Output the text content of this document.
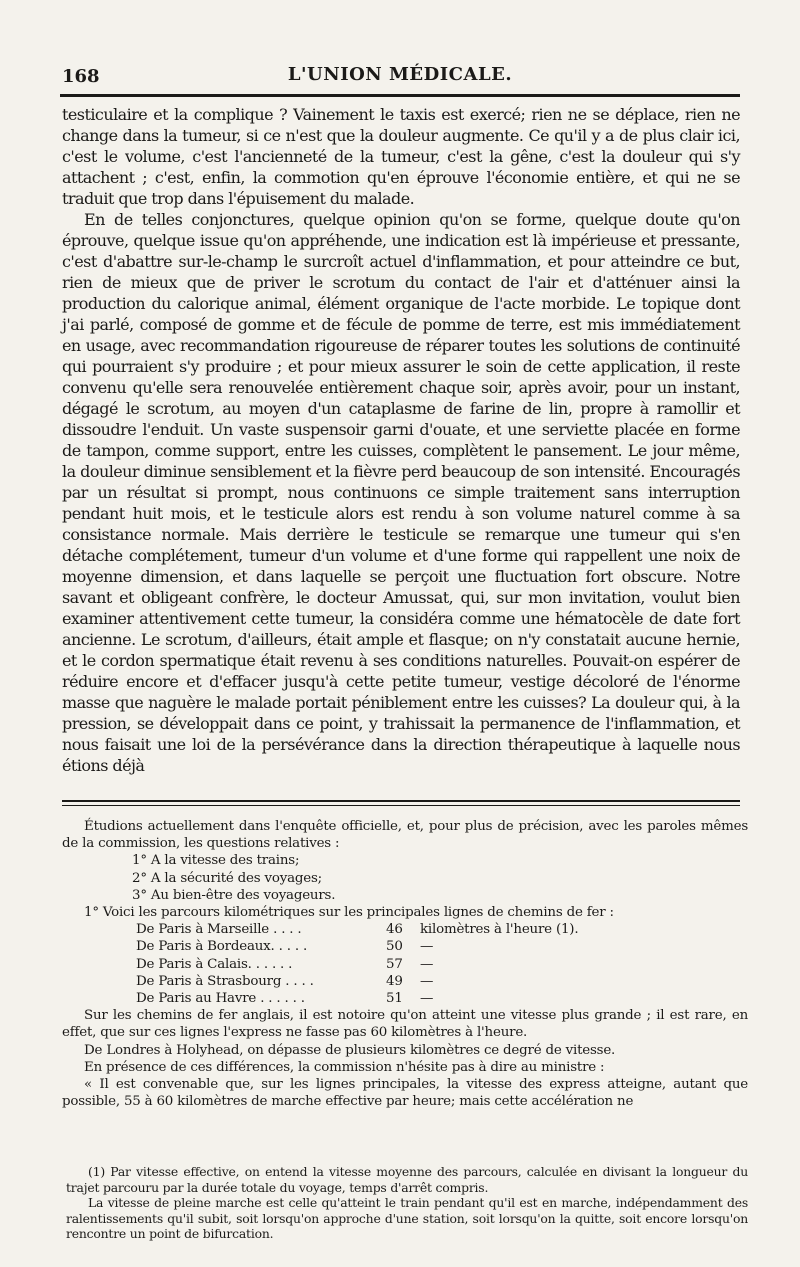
L'UNION MÉDICALE.
168

testiculaire et la complique ? Vainement le taxis est exercé; rien ne se déplace, rien ne change dans la tumeur, si ce n'est que la douleur augmente. Ce qu'il y a de plus clair ici, c'est le volume, c'est l'ancienneté de la tumeur, c'est la gêne, c'est la douleur qui s'y attachent ; c'est, enfin, la commotion qu'en éprouve l'économie entière, et qui ne se traduit que trop dans l'épuisement du malade.

En de telles conjonctures, quelque opinion qu'on se forme, quelque doute qu'on éprouve, quelque issue qu'on appréhende, une indication est là impérieuse et pressante, c'est d'abattre sur-le-champ le surcroît actuel d'inflammation, et pour atteindre ce but, rien de mieux que de priver le scrotum du contact de l'air et d'atténuer ainsi la production du calorique animal, élément organique de l'acte morbide. Le topique dont j'ai parlé, composé de gomme et de fécule de pomme de terre, est mis immédiatement en usage, avec recommandation rigoureuse de réparer toutes les solutions de continuité qui pourraient s'y produire ; et pour mieux assurer le soin de cette application, il reste convenu qu'elle sera renouvelée entièrement chaque soir, après avoir, pour un instant, dégagé le scrotum, au moyen d'un cataplasme de farine de lin, propre à ramollir et dissoudre l'enduit. Un vaste suspensoir garni d'ouate, et une serviette placée en forme de tampon, comme support, entre les cuisses, complètent le pansement. Le jour même, la douleur diminue sensiblement et la fièvre perd beaucoup de son intensité. Encouragés par un résultat si prompt, nous continuons ce simple traitement sans interruption pendant huit mois, et le testicule alors est rendu à son volume naturel comme à sa consistance normale. Mais derrière le testicule se remarque une tumeur qui s'en détache complétement, tumeur d'un volume et d'une forme qui rappellent une noix de moyenne dimension, et dans laquelle se perçoit une fluctuation fort obscure. Notre savant et obligeant confrère, le docteur Amussat, qui, sur mon invitation, voulut bien examiner attentivement cette tumeur, la considéra comme une hématocèle de date fort ancienne. Le scrotum, d'ailleurs, était ample et flasque; on n'y constatait aucune hernie, et le cordon spermatique était revenu à ses conditions naturelles. Pouvait-on espérer de réduire encore et d'effacer jusqu'à cette petite tumeur, vestige décoloré de l'énorme masse que naguère le malade portait péniblement entre les cuisses? La douleur qui, à la pression, se développait dans ce point, y trahissait la permanence de l'inflammation, et nous faisait une loi de la persévérance dans la direction thérapeutique à laquelle nous étions déjà

Étudions actuellement dans l'enquête officielle, et, pour plus de précision, avec les paroles mêmes de la commission, les questions relatives :

1° A la vitesse des trains;

2° A la sécurité des voyages;

3° Au bien-être des voyageurs.

1° Voici les parcours kilométriques sur les principales lignes de chemins de fer :

De Paris à Marseille . . . .	46	kilomètres à l'heure (1).
De Paris à Bordeaux. . . . .	50	—
De Paris à Calais. . . . . .	57	—
De Paris à Strasbourg . . . .	49	—
De Paris au Havre . . . . . .	51	—

Sur les chemins de fer anglais, il est notoire qu'on atteint une vitesse plus grande ; il est rare, en effet, que sur ces lignes l'express ne fasse pas 60 kilomètres à l'heure.

De Londres à Holyhead, on dépasse de plusieurs kilomètres ce degré de vitesse.

En présence de ces différences, la commission n'hésite pas à dire au ministre :

« Il est convenable que, sur les lignes principales, la vitesse des express atteigne, autant que possible, 55 à 60 kilomètres de marche effective par heure; mais cette accélération ne

(1) Par vitesse effective, on entend la vitesse moyenne des parcours, calculée en divisant la longueur du trajet parcouru par la durée totale du voyage, temps d'arrêt compris.

La vitesse de pleine marche est celle qu'atteint le train pendant qu'il est en marche, indépendamment des ralentissements qu'il subit, soit lorsqu'on approche d'une station, soit lorsqu'on la quitte, soit encore lorsqu'on rencontre un point de bifurcation.
